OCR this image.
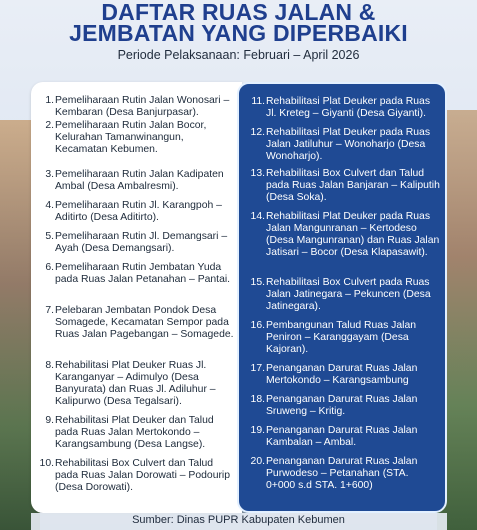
DAFTAR RUAS JALAN &
JEMBATAN YANG DIPERBAIKI
Periode Pelaksanaan: Februari – April 2026
1. Pemeliharaan Rutin Jalan Wonosari – Kembaran (Desa Banjurpasar).
2. Pemeliharaan Rutin Jalan Bocor, Kelurahan Tamanwinangun, Kecamatan Kebumen.
3. Pemeliharaan Rutin Jalan Kadipaten Ambal (Desa Ambalresmi).
4. Pemeliharaan Rutin Jl. Karangpoh – Aditirto (Desa Aditirto).
5. Pemeliharaan Rutin Jl. Demangsari – Ayah (Desa Demangsari).
6. Pemeliharaan Rutin Jembatan Yuda pada Ruas Jalan Petanahan – Pantai.
7. Pelebaran Jembatan Pondok Desa Somagede, Kecamatan Sempor pada Ruas Jalan Pagebangan – Somagede.
8. Rehabilitasi Plat Deuker Ruas Jl. Karanganyar – Adimulyo (Desa Banyurata) dan Ruas Jl. Adiluhur – Kalipurwo (Desa Tegalsari).
9. Rehabilitasi Plat Deuker dan Talud pada Ruas Jalan Mertokondo – Karangsambung (Desa Langse).
10. Rehabilitasi Box Culvert dan Talud pada Ruas Jalan Dorowati – Podourip (Desa Dorowati).
11. Rehabilitasi Plat Deuker pada Ruas Jl. Kreteg – Giyanti (Desa Giyanti).
12. Rehabilitasi Plat Deuker pada Ruas Jalan Jatiluhur – Wonoharjo (Desa Wonoharjo).
13. Rehabilitasi Box Culvert dan Talud pada Ruas Jalan Banjaran – Kaliputih (Desa Soka).
14. Rehabilitasi Plat Deuker pada Ruas Jalan Mangunranan – Kertodeso (Desa Mangunranan) dan Ruas Jalan Jatisari – Bocor (Desa Klapasawit).
15. Rehabilitasi Box Culvert pada Ruas Jalan Jatinegara – Pekuncen (Desa Jatinegara).
16. Pembangunan Talud Ruas Jalan Peniron – Karanggayam (Desa Kajoran).
17. Penanganan Darurat Ruas Jalan Mertokondo – Karangsambung
18. Penanganan Darurat Ruas Jalan Sruweng – Kritig.
19. Penanganan Darurat Ruas Jalan Kambalan – Ambal.
20. Penanganan Darurat Ruas Jalan Purwodeso – Petanahan (STA. 0+000 s.d STA. 1+600)
Sumber: Dinas PUPR Kabupaten Kebumen
